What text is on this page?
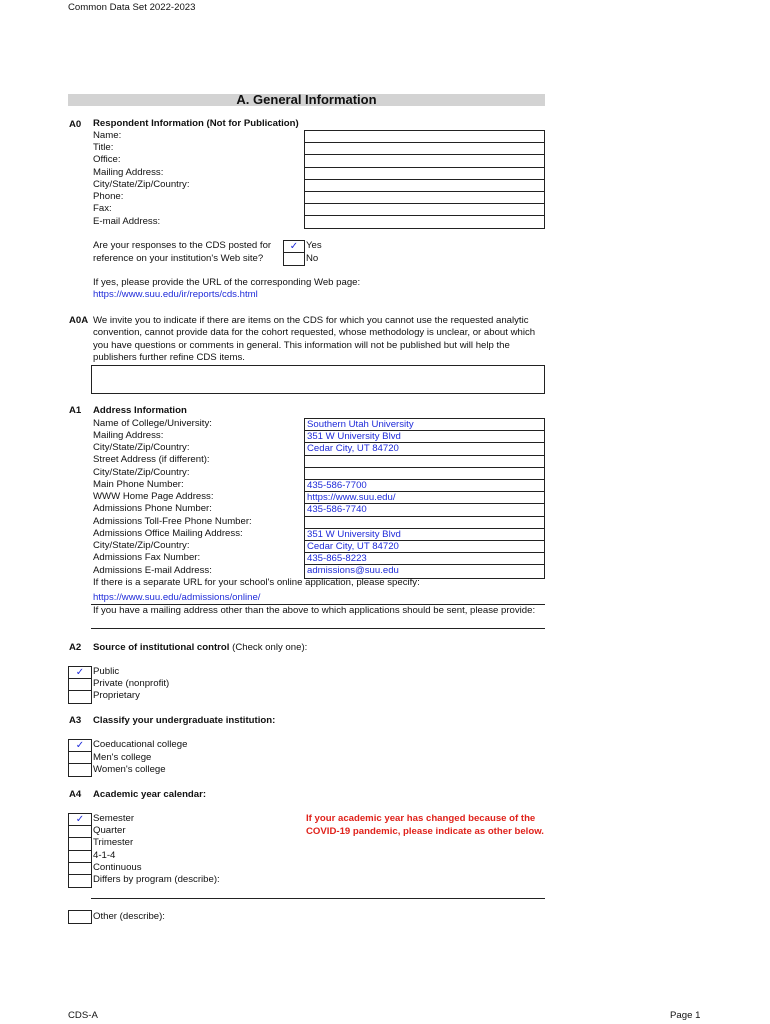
Common Data Set 2022-2023
A. General Information
A0 Respondent Information (Not for Publication)
Name:
Title:
Office:
Mailing Address:
City/State/Zip/Country:
Phone:
Fax:
E-mail Address:
Are your responses to the CDS posted for
reference on your institution's Web site?
✓ Yes
No
If yes, please provide the URL of the corresponding Web page:
https://www.suu.edu/ir/reports/cds.html
A0A We invite you to indicate if there are items on the CDS for which you cannot use the requested analytic convention, cannot provide data for the cohort requested, whose methodology is unclear, or about which you have questions or comments in general. This information will not be published but will help the publishers further refine CDS items.
A1 Address Information
Name of College/University:
Mailing Address:
City/State/Zip/Country:
Street Address (if different):
City/State/Zip/Country:
Main Phone Number:
WWW Home Page Address:
Admissions Phone Number:
Admissions Toll-Free Phone Number:
Admissions Office Mailing Address:
City/State/Zip/Country:
Admissions Fax Number:
Admissions E-mail Address:
Southern Utah University
351 W University Blvd
Cedar City, UT 84720
435-586-7700
https://www.suu.edu/
435-586-7740
351 W University Blvd
Cedar City, UT 84720
435-865-8223
admissions@suu.edu
If there is a separate URL for your school's online application, please specify:
https://www.suu.edu/admissions/online/
If you have a mailing address other than the above to which applications should be sent, please provide:
A2 Source of institutional control (Check only one):
✓ Public
Private (nonprofit)
Proprietary
A3 Classify your undergraduate institution:
✓ Coeducational college
Men's college
Women's college
A4 Academic year calendar:
✓ Semester
Quarter
Trimester
4-1-4
Continuous
Differs by program (describe):
If your academic year has changed because of the
COVID-19 pandemic, please indicate as other below.
Other (describe):
CDS-A	Page 1
